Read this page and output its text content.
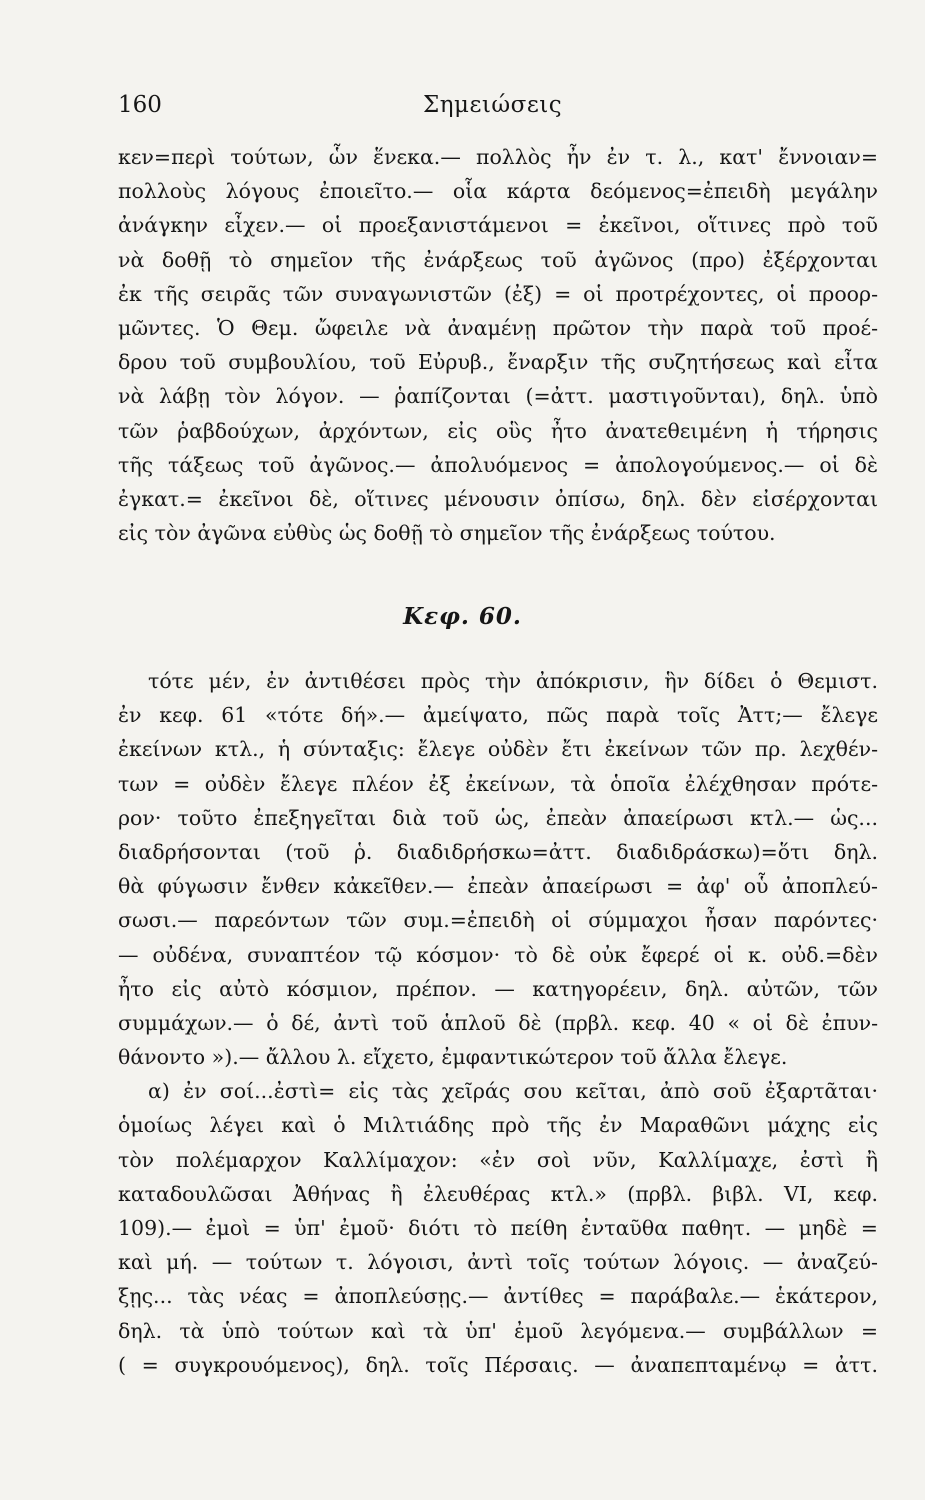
160	Σημειώσεις
κεν=περὶ τούτων, ὧν ἕνεκα.— πολλὸς ἦν ἐν τ. λ., κατ' ἔννοιαν=
πολλοὺς λόγους ἐποιεῖτο.— οἷα κάρτα δεόμενος=ἐπειδὴ μεγάλην
ἀνάγκην εἶχεν.— οἱ προεξανιστάμενοι = ἐκεῖνοι, οἵτινες πρὸ τοῦ
νὰ δοθῇ τὸ σημεῖον τῆς ἐνάρξεως τοῦ ἀγῶνος (προ) ἐξέρχονται
ἐκ τῆς σειρᾶς τῶν συναγωνιστῶν (ἐξ) = οἱ προτρέχοντες, οἱ προορ-
μῶντες. Ὁ Θεμ. ὤφειλε νὰ ἀναμένῃ πρῶτον τὴν παρὰ τοῦ προέ-
δρου τοῦ συμβουλίου, τοῦ Εὐρυβ., ἔναρξιν τῆς συζητήσεως καὶ εἶτα
νὰ λάβῃ τὸν λόγον. — ῥαπίζονται (=ἀττ. μαστιγοῦνται), δηλ. ὑπὸ
τῶν ῥαβδούχων, ἀρχόντων, εἰς οὓς ἦτο ἀνατεθειμένη ἡ τήρησις
τῆς τάξεως τοῦ ἀγῶνος.— ἀπολυόμενος = ἀπολογούμενος.— οἱ δὲ
ἐγκατ.= ἐκεῖνοι δὲ, οἵτινες μένουσιν ὀπίσω, δηλ. δὲν εἰσέρχονται
εἰς τὸν ἀγῶνα εὐθὺς ὡς δοθῇ τὸ σημεῖον τῆς ἐνάρξεως τούτου.
Κεφ. 60.
τότε μέν, ἐν ἀντιθέσει πρὸς τὴν ἀπόκρισιν, ἣν δίδει ὁ Θεμιστ.
ἐν κεφ. 61 «τότε δή».— ἀμείψατο, πῶς παρὰ τοῖς Ἀττ;— ἔλεγε
ἐκείνων κτλ., ἡ σύνταξις: ἔλεγε οὐδὲν ἔτι ἐκείνων τῶν πρ. λεχθέν-
των = οὐδὲν ἔλεγε πλέον ἐξ ἐκείνων, τὰ ὁποῖα ἐλέχθησαν πρότε-
ρον· τοῦτο ἐπεξηγεῖται διὰ τοῦ ὡς, ἐπεὰν ἀπαείρωσι κτλ.— ὡς...
διαδρήσονται (τοῦ ῥ. διαδιδρήσκω=ἀττ. διαδιδράσκω)=ὅτι δηλ.
θὰ φύγωσιν ἔνθεν κἀκεῖθεν.— ἐπεὰν ἀπαείρωσι = ἀφ' οὗ ἀποπλεύ-
σωσι.— παρεόντων τῶν συμ.=ἐπειδὴ οἱ σύμμαχοι ἦσαν παρόντες·
— οὐδένα, συναπτέον τῷ κόσμον· τὸ δὲ οὐκ ἔφερέ οἱ κ. οὐδ.=δὲν
ἦτο εἰς αὐτὸ κόσμιον, πρέπον. — κατηγορέειν, δηλ. αὐτῶν, τῶν
συμμάχων.— ὁ δέ, ἀντὶ τοῦ ἁπλοῦ δὲ (πρβλ. κεφ. 40 « οἱ δὲ ἐπυν-
θάνοντο »).— ἄλλου λ. εἴχετο, ἐμφαντικώτερον τοῦ ἄλλα ἔλεγε.
α) ἐν σοί...ἐστὶ= εἰς τὰς χεῖράς σου κεῖται, ἀπὸ σοῦ ἐξαρτᾶται·
ὁμοίως λέγει καὶ ὁ Μιλτιάδης πρὸ τῆς ἐν Μαραθῶνι μάχης εἰς
τὸν πολέμαρχον Καλλίμαχον: «ἐν σοὶ νῦν, Καλλίμαχε, ἐστὶ ἢ
καταδουλῶσαι Ἀθήνας ἢ ἐλευθέρας κτλ.» (πρβλ. βιβλ. VI, κεφ.
109).— ἐμοὶ = ὑπ' ἐμοῦ· διότι τὸ πείθη ἐνταῦθα παθητ. — μηδὲ =
καὶ μή. — τούτων τ. λόγοισι, ἀντὶ τοῖς τούτων λόγοις. — ἀναζεύ-
ξῃς... τὰς νέας = ἀποπλεύσῃς.— ἀντίθες = παράβαλε.— ἑκάτερον,
δηλ. τὰ ὑπὸ τούτων καὶ τὰ ὑπ' ἐμοῦ λεγόμενα.— συμβάλλων =
( = συγκρουόμενος), δηλ. τοῖς Πέρσαις. — ἀναπεπταμένῳ = ἀττ.
